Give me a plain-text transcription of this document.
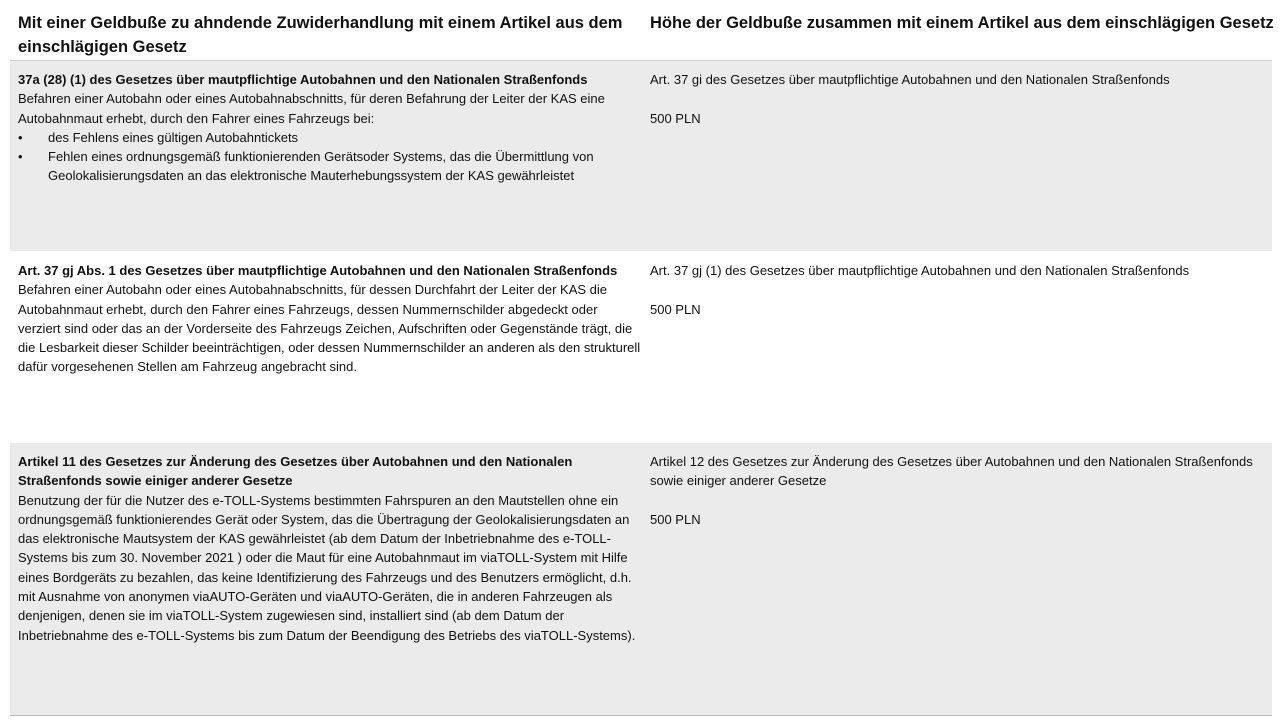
Mit einer Geldbuße zu ahndende Zuwiderhandlung mit einem Artikel aus dem einschlägigen Gesetz
Höhe der Geldbuße zusammen mit einem Artikel aus dem einschlägigen Gesetz

37a (28) (1) des Gesetzes über mautpflichtige Autobahnen und den Nationalen Straßenfonds

Befahren einer Autobahn oder eines Autobahnabschnitts, für deren Befahrung der Leiter der KAS eine Autobahnmaut erhebt, durch den Fahrer eines Fahrzeugs bei:

• des Fehlens eines gültigen Autobahntickets
• Fehlen eines ordnungsgemäß funktionierenden Gerätsoder Systems, das die Übermittlung von Geolokalisierungsdaten an das elektronische Mauterhebungssystem der KAS gewährleistet

Art. 37 gi des Gesetzes über mautpflichtige Autobahnen und den Nationalen Straßenfonds

500 PLN

Art. 37 gj Abs. 1 des Gesetzes über mautpflichtige Autobahnen und den Nationalen Straßenfonds

Befahren einer Autobahn oder eines Autobahnabschnitts, für dessen Durchfahrt der Leiter der KAS die Autobahnmaut erhebt, durch den Fahrer eines Fahrzeugs, dessen Nummernschilder abgedeckt oder verziert sind oder das an der Vorderseite des Fahrzeugs Zeichen, Aufschriften oder Gegenstände trägt, die die Lesbarkeit dieser Schilder beeinträchtigen, oder dessen Nummernschilder an anderen als den strukturell dafür vorgesehenen Stellen am Fahrzeug angebracht sind.

Art. 37 gj (1) des Gesetzes über mautpflichtige Autobahnen und den Nationalen Straßenfonds

500 PLN

Artikel 11 des Gesetzes zur Änderung des Gesetzes über Autobahnen und den Nationalen Straßenfonds sowie einiger anderer Gesetze

Benutzung der für die Nutzer des e-TOLL-Systems bestimmten Fahrspuren an den Mautstellen ohne ein ordnungsgemäß funktionierendes Gerät oder System, das die Übertragung der Geolokalisierungsdaten an das elektronische Mautsystem der KAS gewährleistet (ab dem Datum der Inbetriebnahme des e-TOLL-Systems bis zum 30. November 2021 ) oder die Maut für eine Autobahnmaut im viaTOLL-System mit Hilfe eines Bordgeräts zu bezahlen, das keine Identifizierung des Fahrzeugs und des Benutzers ermöglicht, d.h. mit Ausnahme von anonymen viaAUTO-Geräten und viaAUTO-Geräten, die in anderen Fahrzeugen als denjenigen, denen sie im viaTOLL-System zugewiesen sind, installiert sind (ab dem Datum der Inbetriebnahme des e-TOLL-Systems bis zum Datum der Beendigung des Betriebs des viaTOLL-Systems).

Artikel 12 des Gesetzes zur Änderung des Gesetzes über Autobahnen und den Nationalen Straßenfonds sowie einiger anderer Gesetze

500 PLN
